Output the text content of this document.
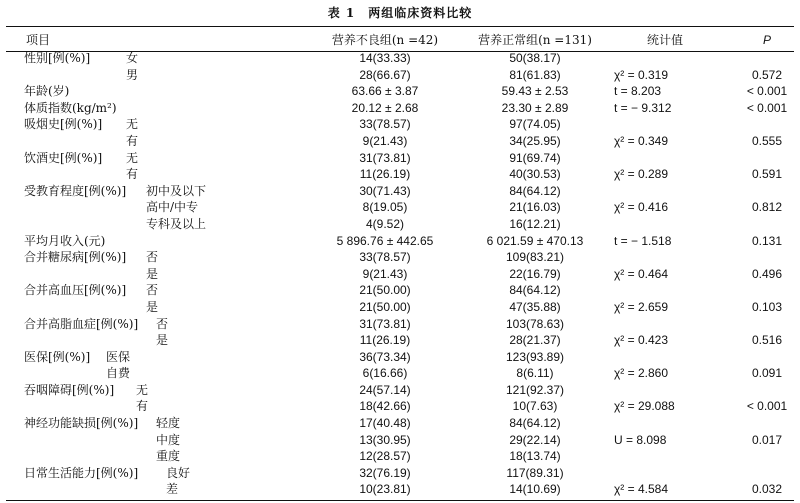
表 1　两组临床资料比较
项目	营养不良组(n =42)	营养正常组(n =131)	统计值	P
性别[例(%)] 女	14(33.33)	50(38.17)		

男	28(66.67)	81(61.83)	χ² = 0.319	0.572
年龄(岁)	63.66 ± 3.87	59.43 ± 2.53	t = 8.203	< 0.001
体质指数(kg/m²)	20.12 ± 2.68	23.30 ± 2.89	t = − 9.312	< 0.001
吸烟史[例(%)] 无	33(78.57)	97(74.05)		

有	9(21.43)	34(25.95)	χ² = 0.349	0.555
饮酒史[例(%)] 无	31(73.81)	91(69.74)		

有	11(26.19)	40(30.53)	χ² = 0.289	0.591
受教育程度[例(%)] 初中及以下	30(71.43)	84(64.12)		

高中/中专	8(19.05)	21(16.03)	χ² = 0.416	0.812

专科及以上	4(9.52)	16(12.21)		
平均月收入(元)	5 896.76 ± 442.65	6 021.59 ± 470.13	t = − 1.518	0.131
合并糖尿病[例(%)] 否	33(78.57)	109(83.21)		

是	9(21.43)	22(16.79)	χ² = 0.464	0.496
合并高血压[例(%)] 否	21(50.00)	84(64.12)		

是	21(50.00)	47(35.88)	χ² = 2.659	0.103
合并高脂血症[例(%)] 否	31(73.81)	103(78.63)		

是	11(26.19)	28(21.37)	χ² = 0.423	0.516
医保[例(%)] 医保	36(73.34)	123(93.89)		

自费	6(16.66)	8(6.11)	χ² = 2.860	0.091
吞咽障碍[例(%)] 无	24(57.14)	121(92.37)		

有	18(42.66)	10(7.63)	χ² = 29.088	< 0.001
神经功能缺损[例(%)] 轻度	17(40.48)	84(64.12)		

中度	13(30.95)	29(22.14)	U = 8.098	0.017

重度	12(28.57)	18(13.74)		
日常生活能力[例(%)] 良好	32(76.19)	117(89.31)		

差	10(23.81)	14(10.69)	χ² = 4.584	0.032
